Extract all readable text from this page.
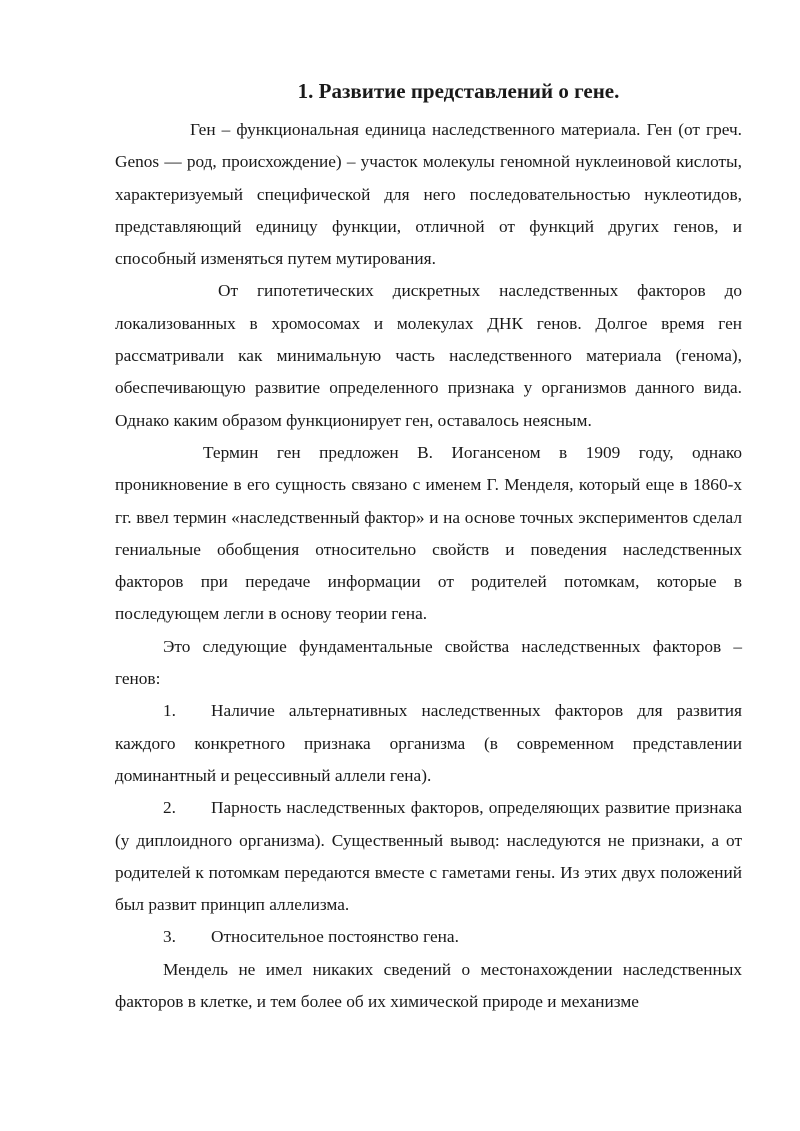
1. Развитие представлений о гене.

Ген – функциональная единица наследственного материала. Ген (от греч. Genos — род, происхождение) – участок молекулы геномной нуклеиновой кислоты, характеризуемый специфической для него последовательностью нуклеотидов, представляющий единицу функции, отличной от функций других генов, и способный изменяться путем мутирования.

От гипотетических дискретных наследственных факторов до локализованных в хромосомах и молекулах ДНК генов. Долгое время ген рассматривали как минимальную часть наследственного материала (генома), обеспечивающую развитие определенного признака у организмов данного вида. Однако каким образом функционирует ген, оставалось неясным.

Термин ген предложен В. Иогансеном в 1909 году, однако проникновение в его сущность связано с именем Г. Менделя, который еще в 1860-х гг. ввел термин «наследственный фактор» и на основе точных экспериментов сделал гениальные обобщения относительно свойств и поведения наследственных факторов при передаче информации от родителей потомкам, которые в последующем легли в основу теории гена.

Это следующие фундаментальные свойства наследственных факторов – генов:

1. Наличие альтернативных наследственных факторов для развития каждого конкретного признака организма (в современном представлении доминантный и рецессивный аллели гена).

2. Парность наследственных факторов, определяющих развитие признака (у диплоидного организма). Существенный вывод: наследуются не признаки, а от родителей к потомкам передаются вместе с гаметами гены. Из этих двух положений был развит принцип аллелизма.

3. Относительное постоянство гена.

Мендель не имел никаких сведений о местонахождении наследственных факторов в клетке, и тем более об их химической природе и механизме
